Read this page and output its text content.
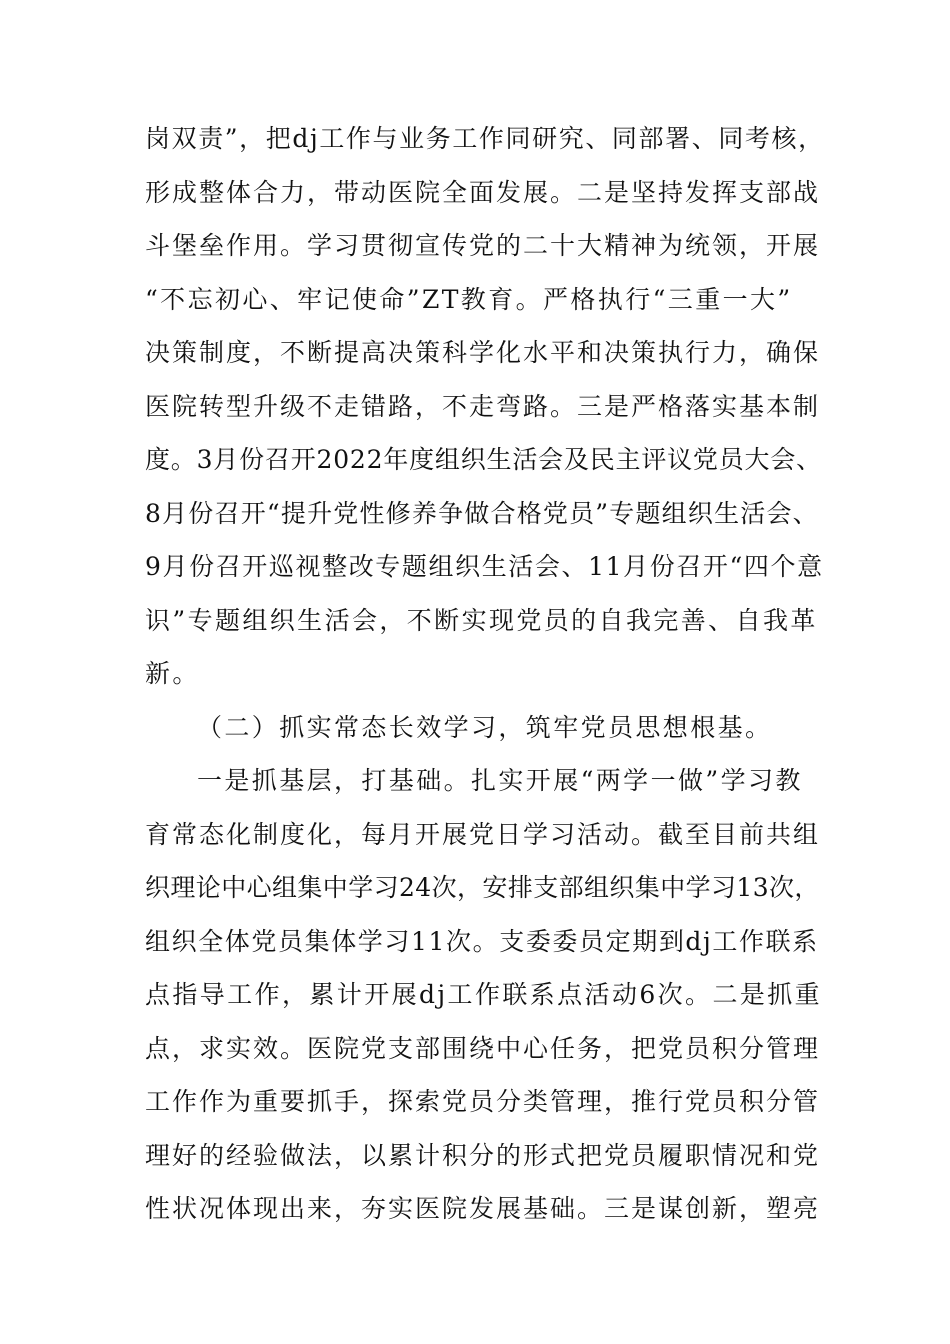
岗双责”，把dj工作与业务工作同研究、同部署、同考核，
形成整体合力，带动医院全面发展。二是坚持发挥支部战
斗堡垒作用。学习贯彻宣传党的二十大精神为统领，开展
“不忘初心、牢记使命”ZT教育。严格执行“三重一大”
决策制度，不断提高决策科学化水平和决策执行力，确保
医院转型升级不走错路，不走弯路。三是严格落实基本制
度。3月份召开2022年度组织生活会及民主评议党员大会、
8月份召开“提升党性修养争做合格党员”专题组织生活会、
9月份召开巡视整改专题组织生活会、11月份召开“四个意
识”专题组织生活会，不断实现党员的自我完善、自我革
新。
（二）抓实常态长效学习，筑牢党员思想根基。
一是抓基层，打基础。扎实开展“两学一做”学习教
育常态化制度化，每月开展党日学习活动。截至目前共组
织理论中心组集中学习24次，安排支部组织集中学习13次，
组织全体党员集体学习11次。支委委员定期到dj工作联系
点指导工作，累计开展dj工作联系点活动6次。二是抓重
点，求实效。医院党支部围绕中心任务，把党员积分管理
工作作为重要抓手，探索党员分类管理，推行党员积分管
理好的经验做法，以累计积分的形式把党员履职情况和党
性状况体现出来，夯实医院发展基础。三是谋创新，塑亮
